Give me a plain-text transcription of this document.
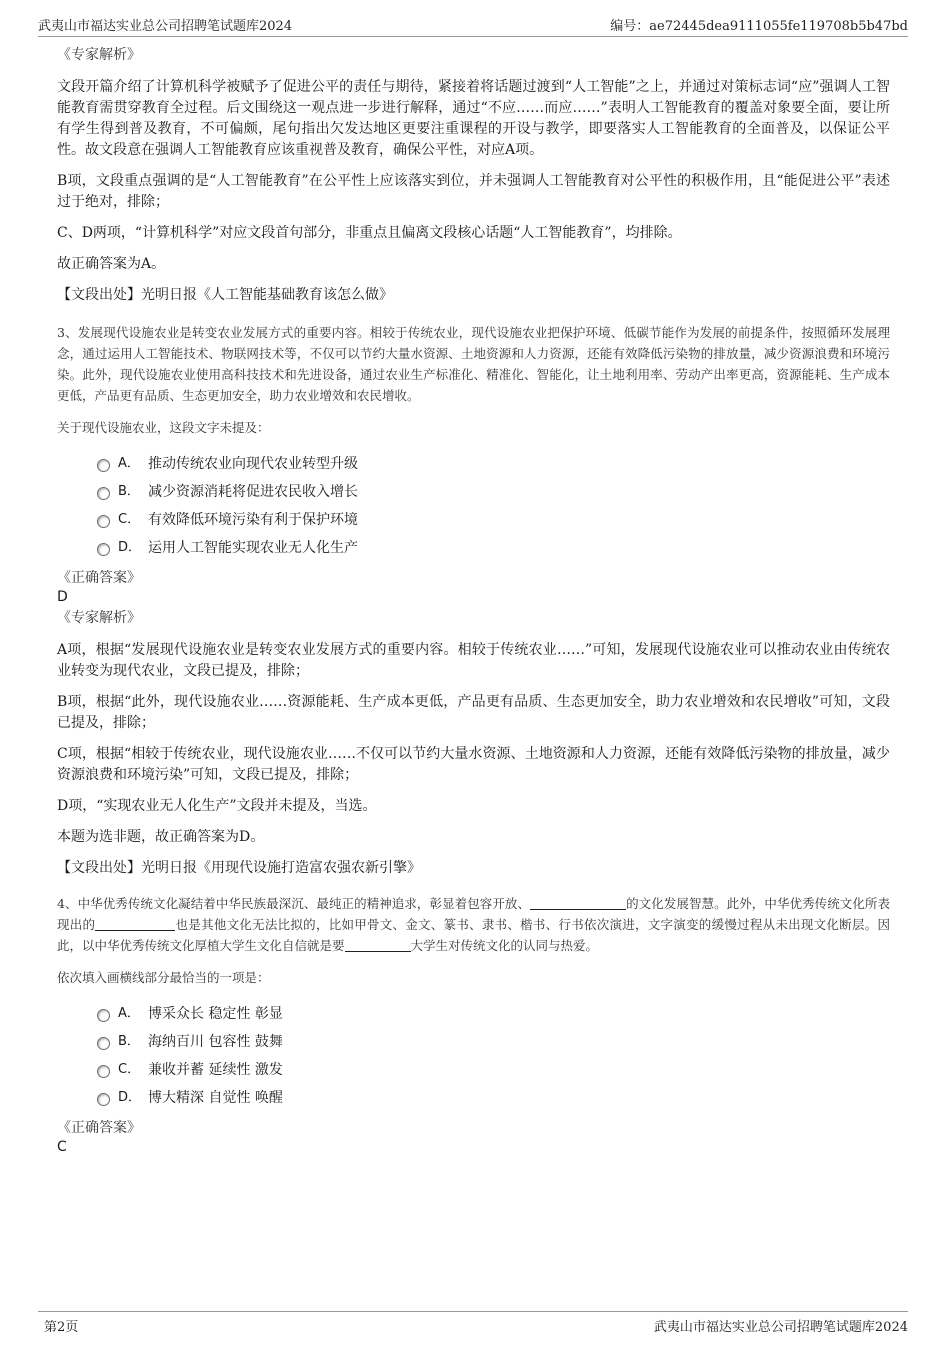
武夷山市福达实业总公司招聘笔试题库2024	编号：ae72445dea9111055fe119708b5b47bd

《专家解析》

文段开篇介绍了计算机科学被赋予了促进公平的责任与期待，紧接着将话题过渡到“人工智能”之上，并通过对策标志词“应”强调人工智能教育需贯穿教育全过程。后文围绕这一观点进一步进行解释，通过“不应……而应……”表明人工智能教育的覆盖对象要全面，要让所有学生得到普及教育，不可偏颇，尾句指出欠发达地区更要注重课程的开设与教学，即要落实人工智能教育的全面普及，以保证公平性。故文段意在强调人工智能教育应该重视普及教育，确保公平性，对应A项。

B项，文段重点强调的是“人工智能教育”在公平性上应该落实到位，并未强调人工智能教育对公平性的积极作用，且“能促进公平”表述过于绝对，排除；

C、D两项，“计算机科学”对应文段首句部分，非重点且偏离文段核心话题“人工智能教育”，均排除。

故正确答案为A。

【文段出处】光明日报《人工智能基础教育该怎么做》

3、发展现代设施农业是转变农业发展方式的重要内容。相较于传统农业，现代设施农业把保护环境、低碳节能作为发展的前提条件，按照循环发展理念，通过运用人工智能技术、物联网技术等，不仅可以节约大量水资源、土地资源和人力资源，还能有效降低污染物的排放量，减少资源浪费和环境污染。此外，现代设施农业使用高科技技术和先进设备，通过农业生产标准化、精准化、智能化，让土地利用率、劳动产出率更高，资源能耗、生产成本更低，产品更有品质、生态更加安全，助力农业增效和农民增收。

关于现代设施农业，这段文字未提及：

A． 推动传统农业向现代农业转型升级
B． 减少资源消耗将促进农民收入增长
C． 有效降低环境污染有利于保护环境
D． 运用人工智能实现农业无人化生产

《正确答案》

D

《专家解析》

A项，根据“发展现代设施农业是转变农业发展方式的重要内容。相较于传统农业……”可知，发展现代设施农业可以推动农业由传统农业转变为现代农业，文段已提及，排除；

B项，根据“此外，现代设施农业……资源能耗、生产成本更低，产品更有品质、生态更加安全，助力农业增效和农民增收”可知，文段已提及，排除；

C项，根据“相较于传统农业，现代设施农业……不仅可以节约大量水资源、土地资源和人力资源，还能有效降低污染物的排放量，减少资源浪费和环境污染”可知，文段已提及，排除；

D项，“实现农业无人化生产”文段并未提及，当选。

本题为选非题，故正确答案为D。

【文段出处】光明日报《用现代设施打造富农强农新引擎》

4、中华优秀传统文化凝结着中华民族最深沉、最纯正的精神追求，彰显着包容开放、	的文化发展智慧。此外，中华优秀传统文化所表现出的	也是其他文化无法比拟的，比如甲骨文、金文、篆书、隶书、楷书、行书依次演进，文字演变的缓慢过程从未出现文化断层。因此，以中华优秀传统文化厚植大学生文化自信就是要	大学生对传统文化的认同与热爱。

依次填入画横线部分最恰当的一项是：

A． 博采众长 稳定性 彰显
B． 海纳百川 包容性 鼓舞
C． 兼收并蓄 延续性 激发
D． 博大精深 自觉性 唤醒

《正确答案》

C

第2页	武夷山市福达实业总公司招聘笔试题库2024
